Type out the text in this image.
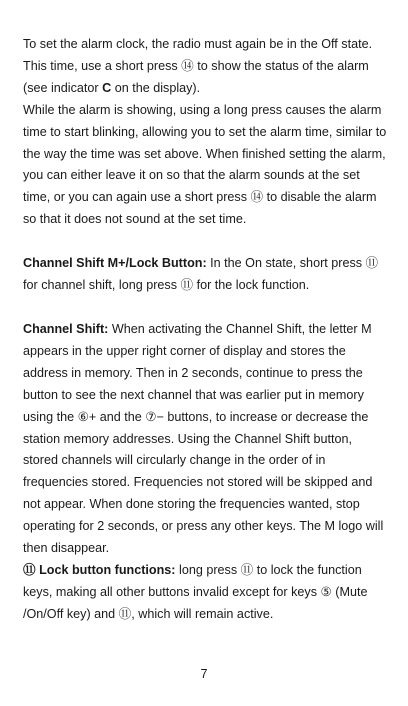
To set the alarm clock, the radio must again be in the Off state. This time, use a short press ⑭ to show the status of the alarm (see indicator C on the display).

While the alarm is showing, using a long press causes the alarm time to start blinking, allowing you to set the alarm time, similar to the way the time was set above. When finished setting the alarm, you can either leave it on so that the alarm sounds at the set time, or you can again use a short press ⑭ to disable the alarm so that it does not sound at the set time.

Channel Shift M+/Lock Button: In the On state, short press ⑪ for channel shift, long press ⑪ for the lock function.

Channel Shift: When activating the Channel Shift, the letter M appears in the upper right corner of display and stores the address in memory. Then in 2 seconds, continue to press the button to see the next channel that was earlier put in memory using the ⑥+ and the ⑦− buttons, to increase or decrease the station memory addresses. Using the Channel Shift button, stored channels will circularly change in the order of in frequencies stored. Frequencies not stored will be skipped and not appear. When done storing the frequencies wanted, stop operating for 2 seconds, or press any other keys. The M logo will then disappear.

⑪ Lock button functions: long press ⑪ to lock the function keys, making all other buttons invalid except for keys ⑤ (Mute /On/Off key) and ⑪, which will remain active.

7
